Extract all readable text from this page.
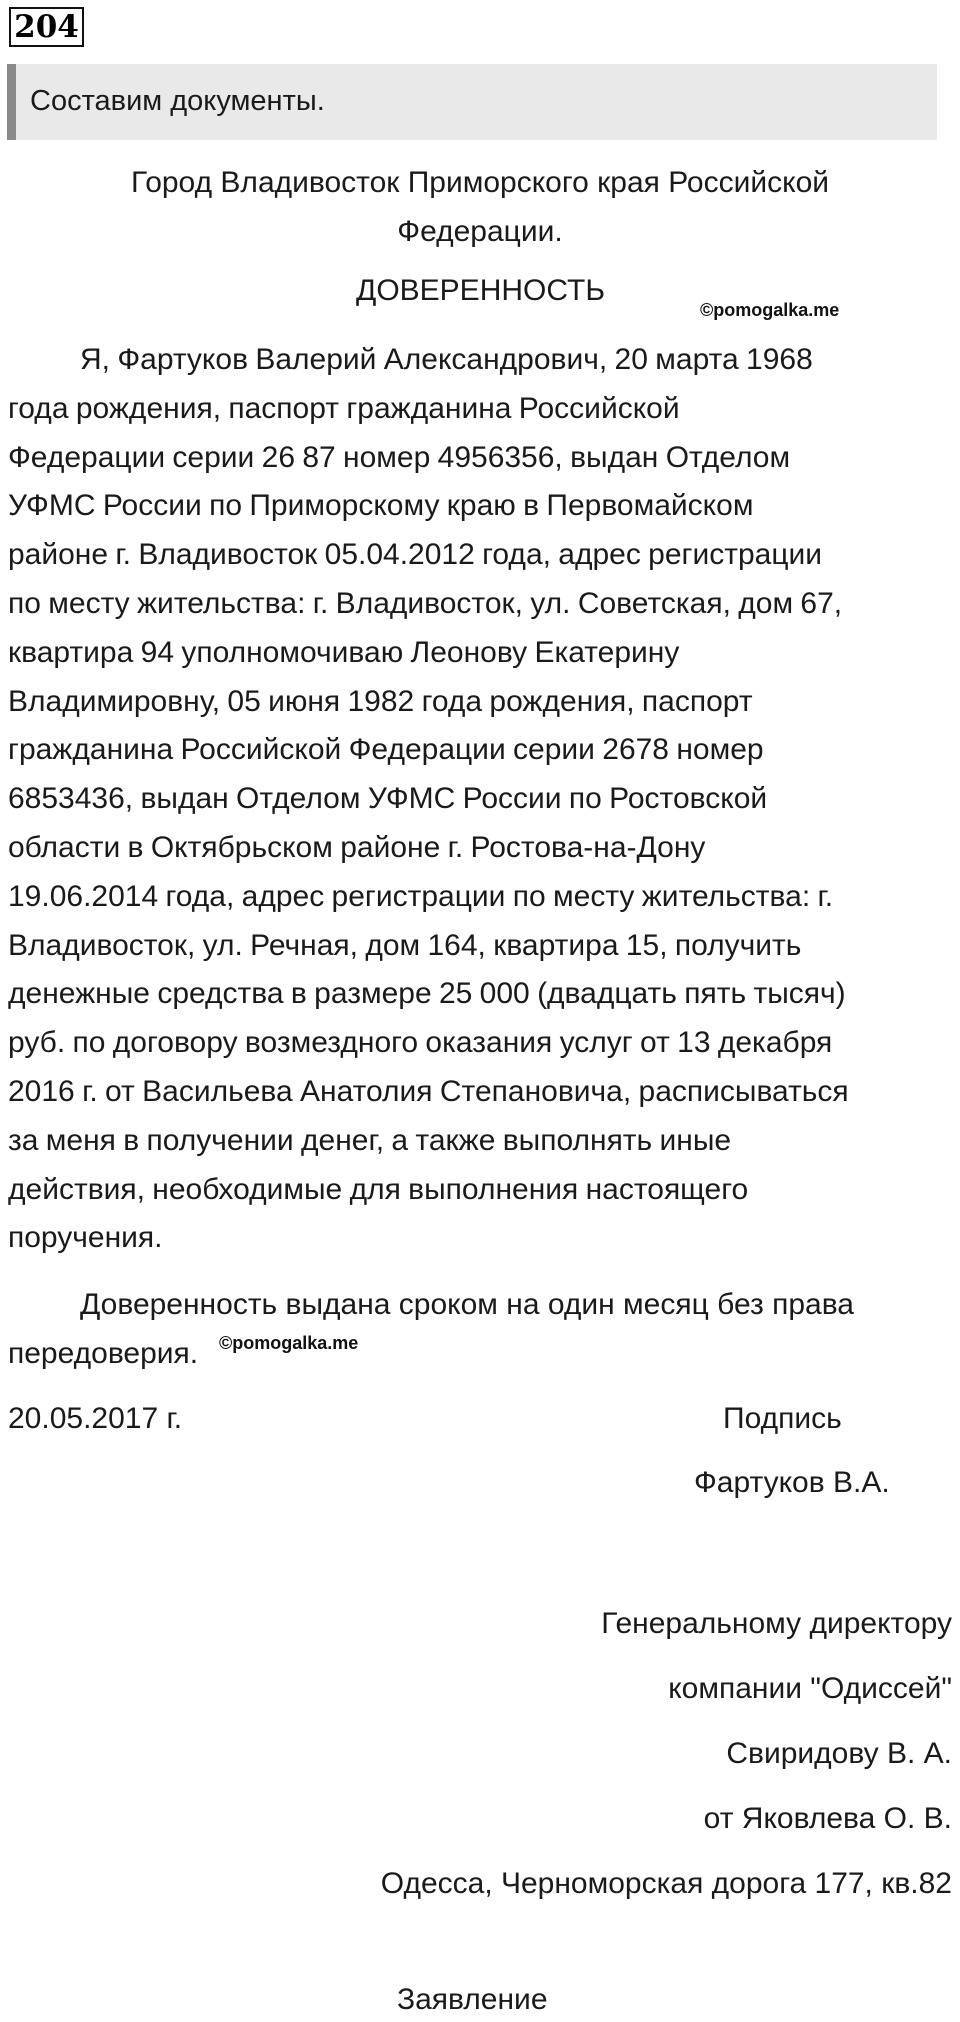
204
Составим документы.
Город Владивосток Приморского края Российской
Федерации.
ДОВЕРЕННОСТЬ
©pomogalka.me
Я, Фартуков Валерий Александрович, 20 марта 1968
года рождения, паспорт гражданина Российской
Федерации серии 26 87 номер 4956356, выдан Отделом
УФМС России по Приморскому краю в Первомайском
районе г. Владивосток 05.04.2012 года, адрес регистрации
по месту жительства: г. Владивосток, ул. Советская, дом 67,
квартира 94 уполномочиваю Леонову Екатерину
Владимировну, 05 июня 1982 года рождения, паспорт
гражданина Российской Федерации серии 2678 номер
6853436, выдан Отделом УФМС России по Ростовской
области в Октябрьском районе г. Ростова-на-Дону
19.06.2014 года, адрес регистрации по месту жительства: г.
Владивосток, ул. Речная, дом 164, квартира 15, получить
денежные средства в размере 25 000 (двадцать пять тысяч)
руб. по договору возмездного оказания услуг от 13 декабря
2016 г. от Васильева Анатолия Степановича, расписываться
за меня в получении денег, а также выполнять иные
действия, необходимые для выполнения настоящего
поручения.
Доверенность выдана сроком на один месяц без права
передоверия.	©pomogalka.me
20.05.2017 г.	Подпись
Фартуков В.А.
Генеральному директору
компании "Одиссей"
Свиридову В. А.
от Яковлева О. В.
Одесса, Черноморская дорога 177, кв.82
Заявление
